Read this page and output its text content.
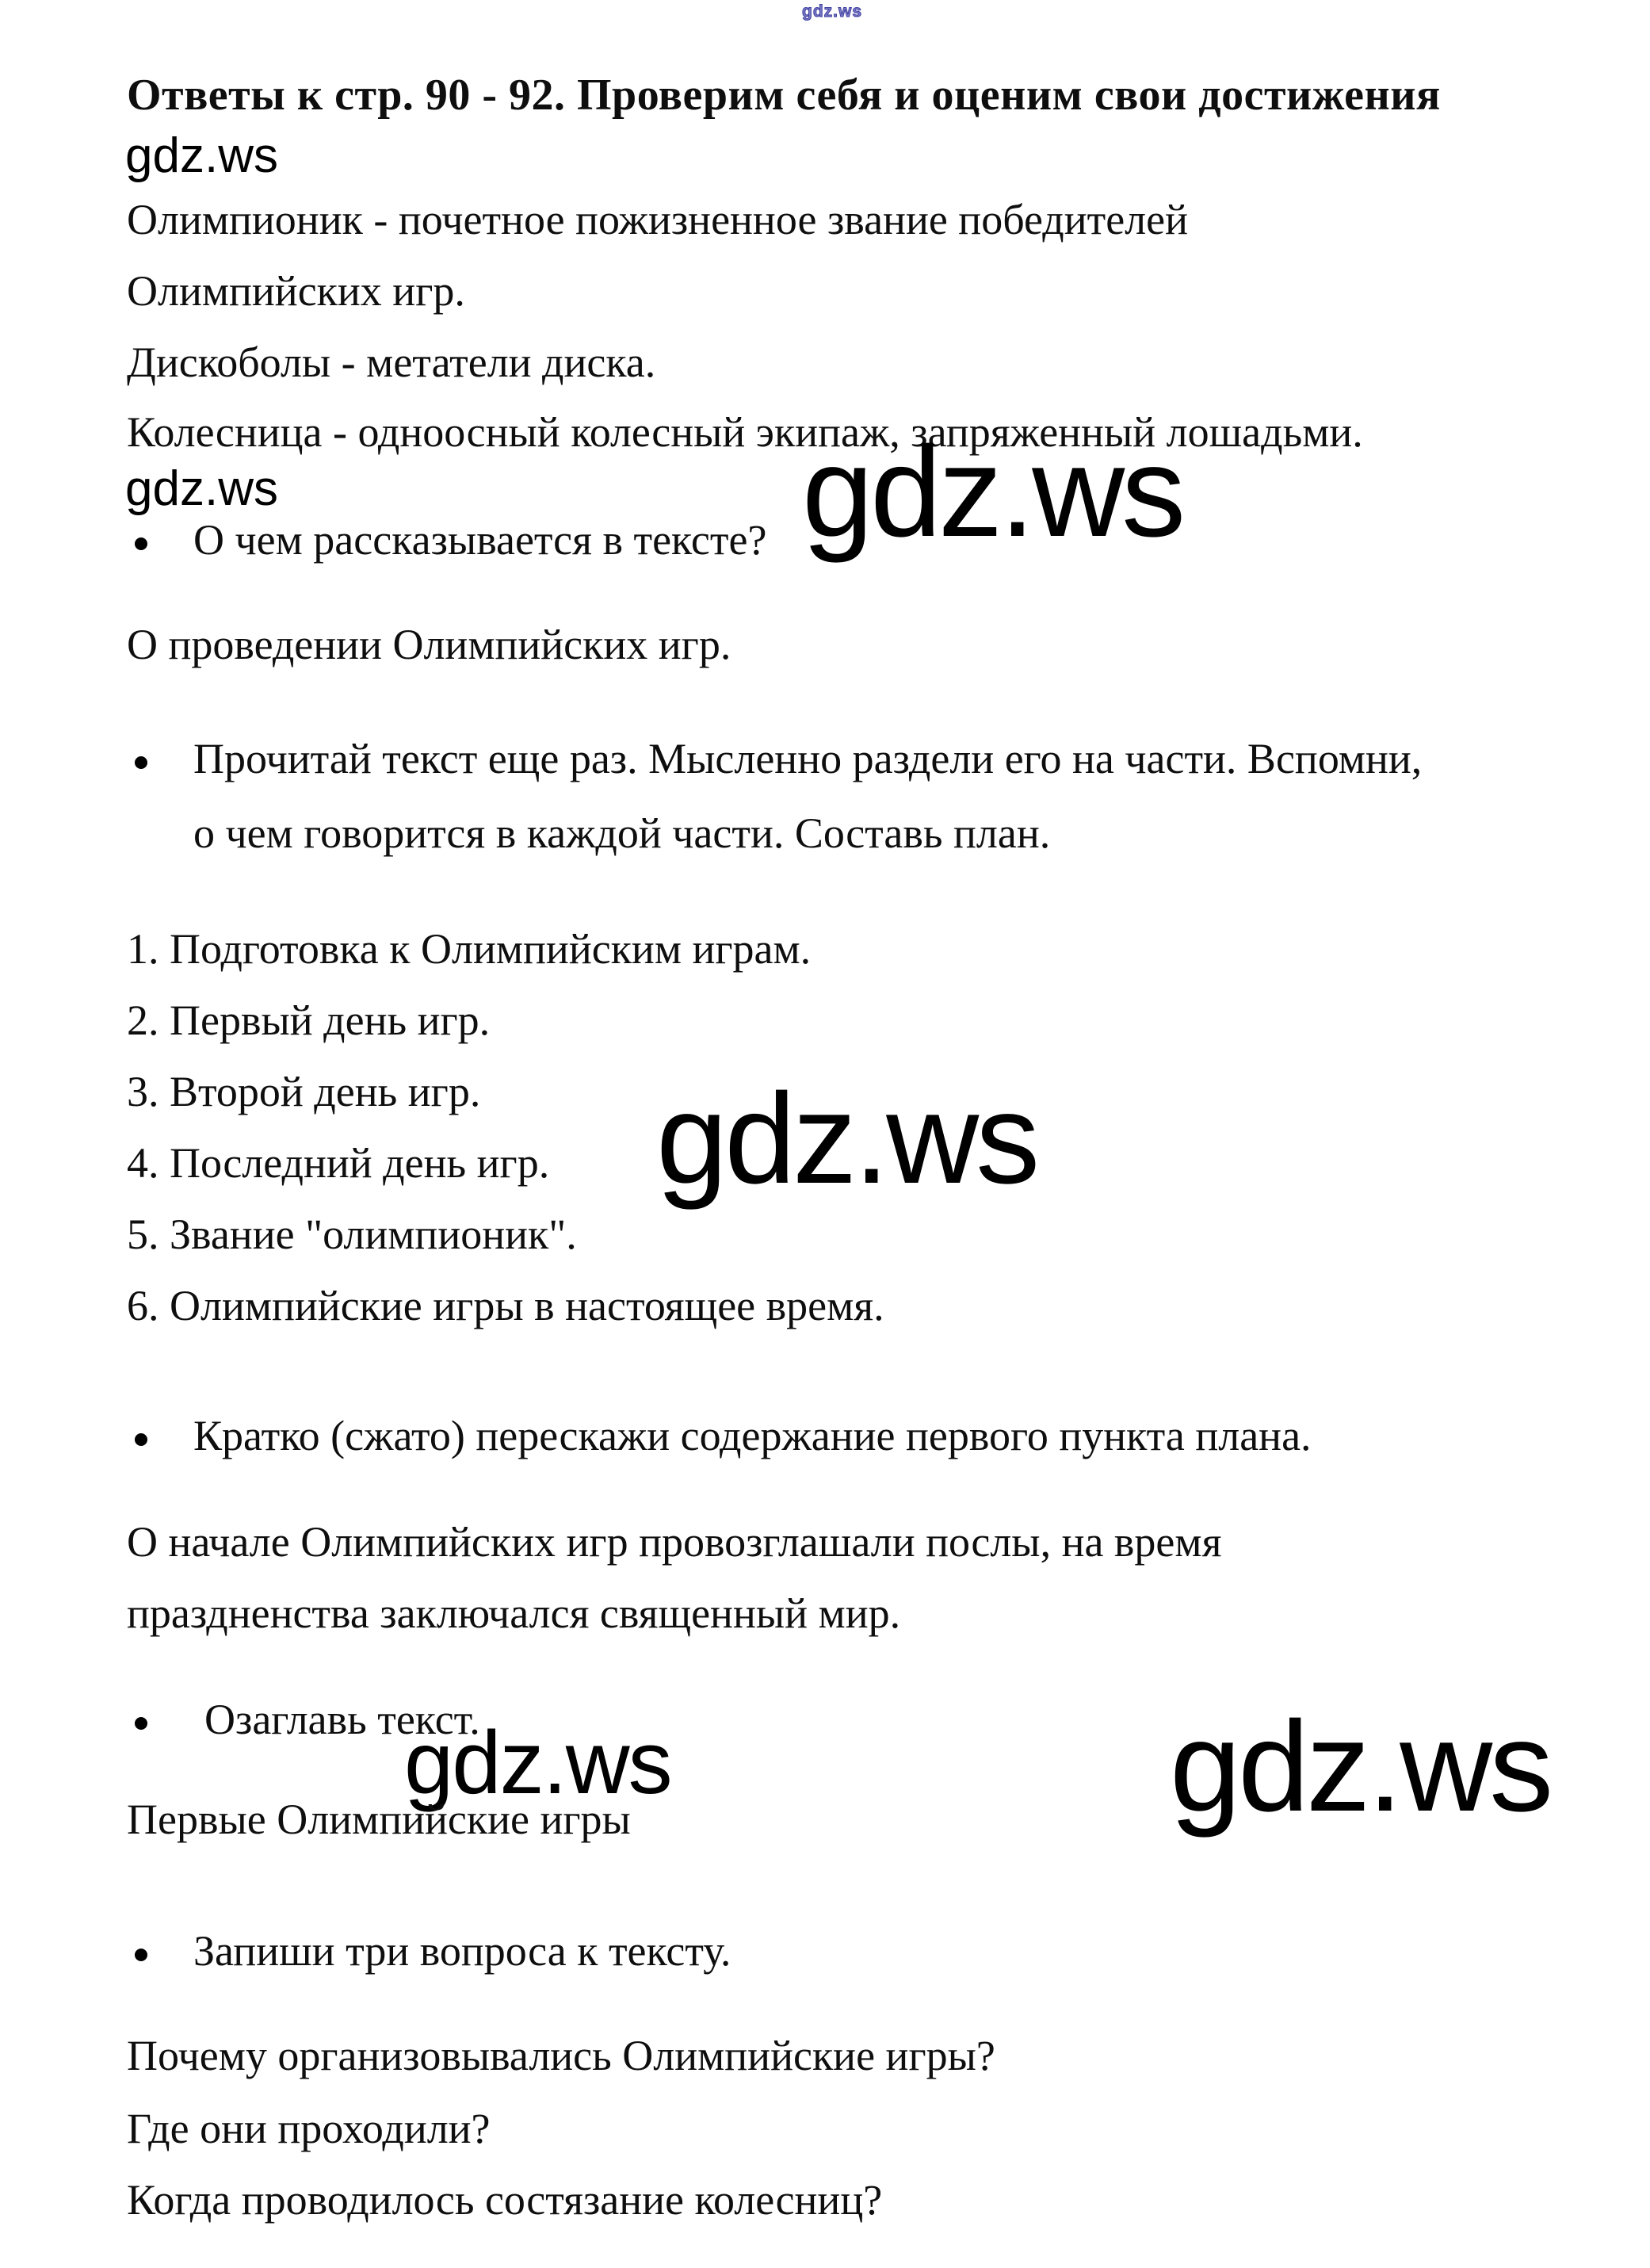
gdz.ws
Ответы к стр. 90 - 92. Проверим себя и оценим свои достижения
gdz.ws
Олимпионик - почетное пожизненное звание победителей
Олимпийских игр.
Дискоболы - метатели диска.
Колесница - одноосный колесный экипаж, запряженный лошадьми.
gdz.ws	gdz.ws
О чем рассказывается в тексте?
О проведении Олимпийских игр.
Прочитай текст еще раз. Мысленно раздели его на части. Вспомни,
о чем говорится в каждой части. Составь план.
1. Подготовка к Олимпийским играм.
2. Первый день игр.
3. Второй день игр.
4. Последний день игр.
5. Звание "олимпионик".
6. Олимпийские игры в настоящее время.
gdz.ws
Кратко (сжато) перескажи содержание первого пункта плана.
О начале Олимпийских игр провозглашали послы, на время
праздненства заключался священный мир.
Озаглавь текст.
gdz.ws	gdz.ws
Первые Олимпийские игры
Запиши три вопроса к тексту.
Почему организовывались Олимпийские игры?
Где они проходили?
Когда проводилось состязание колесниц?
